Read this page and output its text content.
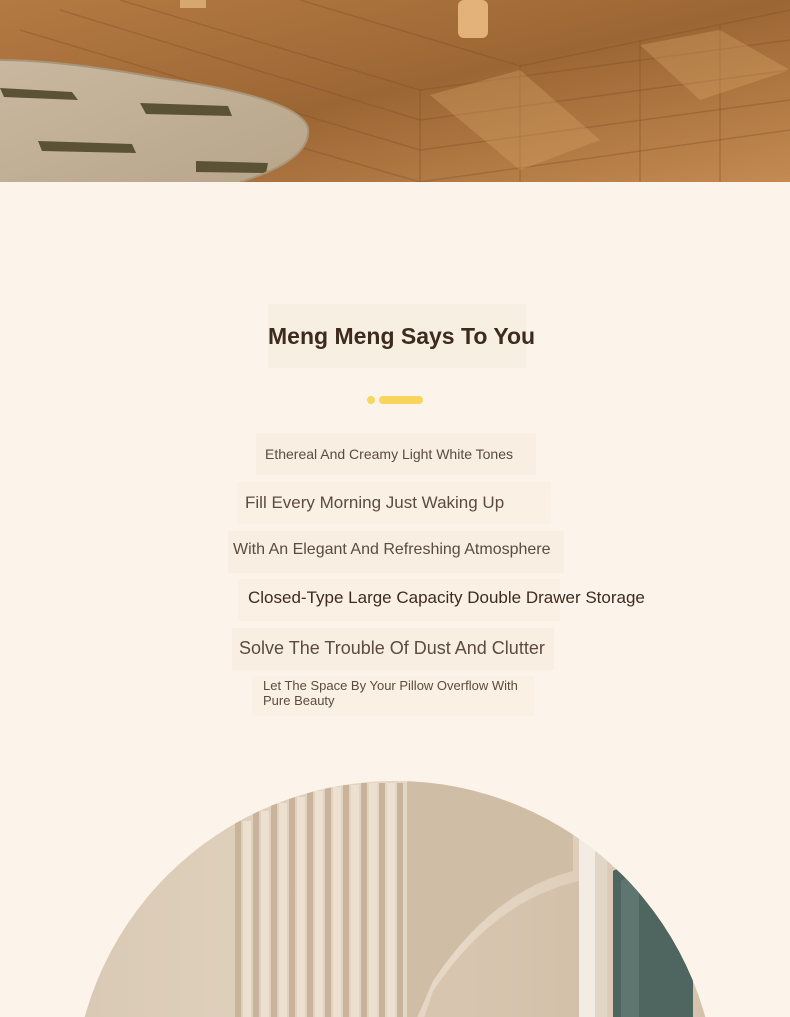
Meng Meng Says To You
Ethereal And Creamy Light White Tones
Fill Every Morning Just Waking Up
With An Elegant And Refreshing Atmosphere
Closed-Type Large Capacity Double Drawer Storage
Solve The Trouble Of Dust And Clutter
Let The Space By Your Pillow Overflow With Pure Beauty
